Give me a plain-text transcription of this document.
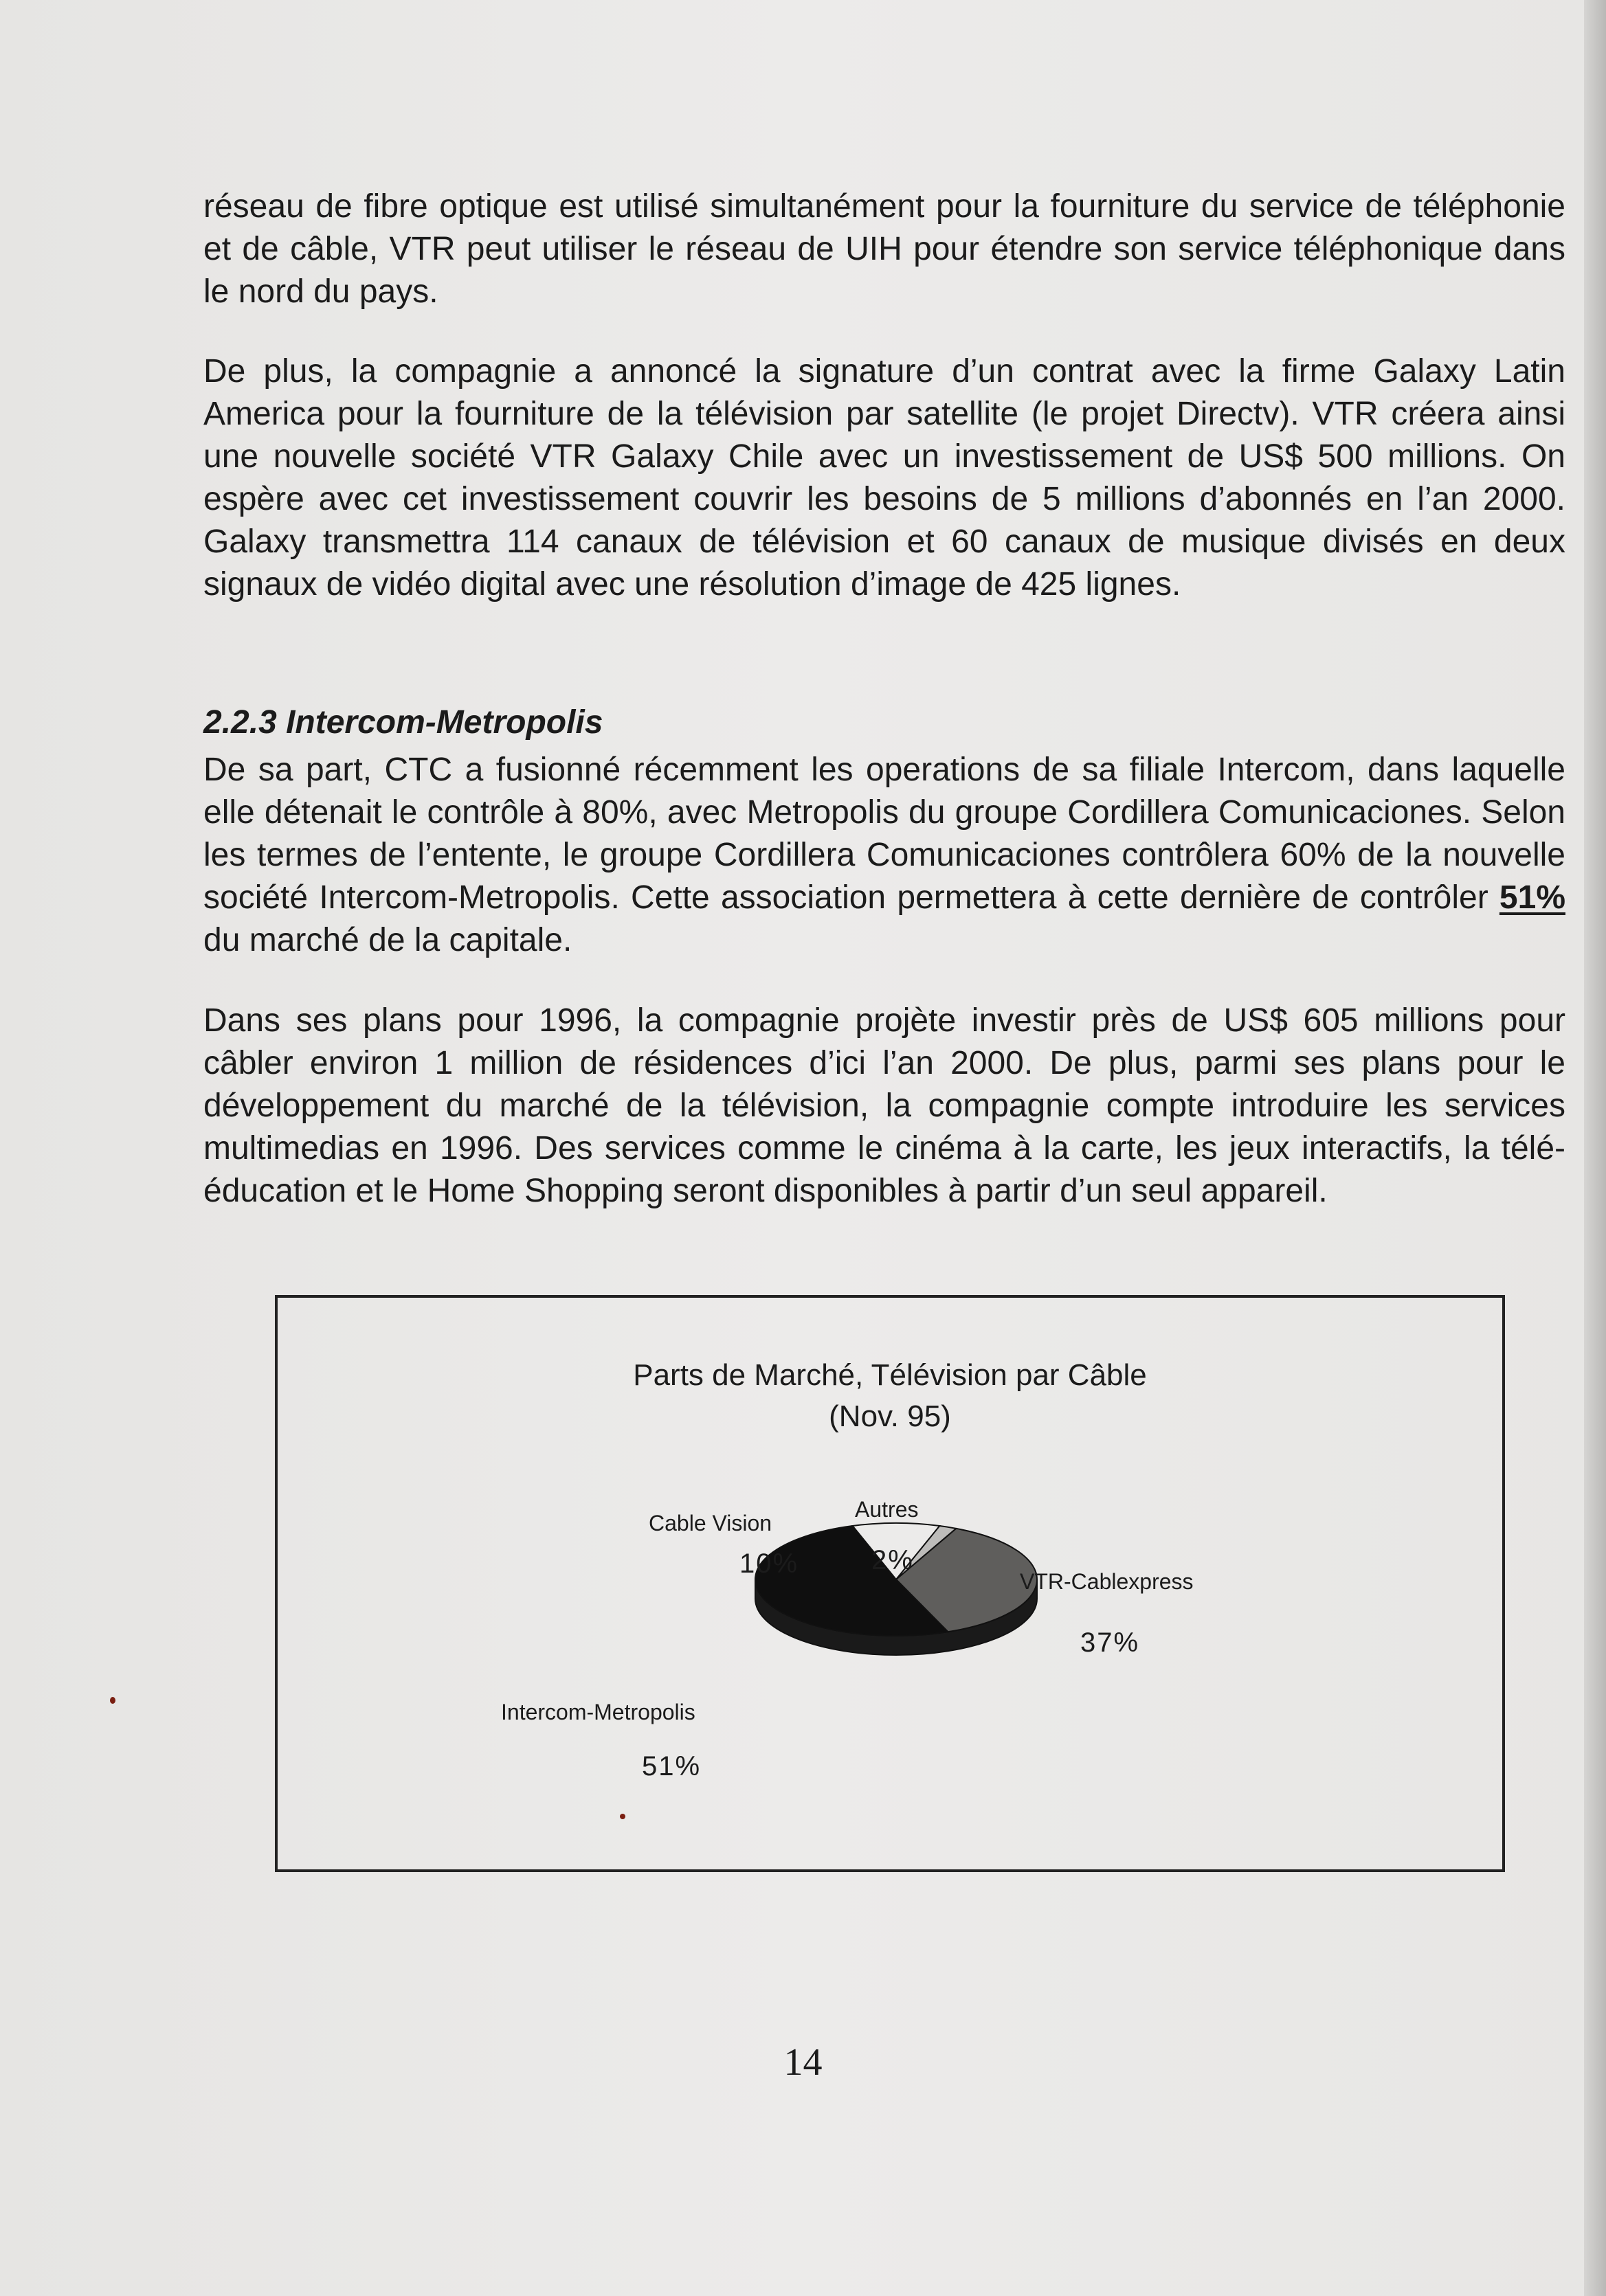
réseau de fibre optique est utilisé simultanément pour la fourniture du service de téléphonie et de câble, VTR peut utiliser le réseau de UIH pour étendre son service téléphonique dans le nord du pays.

De plus, la compagnie a annoncé la signature d’un contrat avec la firme Galaxy Latin America pour la fourniture de la télévision par satellite (le projet Directv). VTR créera ainsi une nouvelle société VTR Galaxy Chile avec un investissement de US$ 500 millions. On espère avec cet investissement couvrir les besoins de 5 millions d’abonnés en l’an 2000. Galaxy transmettra 114 canaux de télévision et 60 canaux de musique divisés en deux signaux de vidéo digital avec une résolution d’image de 425 lignes.

2.2.3 Intercom-Metropolis

De sa part, CTC a fusionné récemment les operations de sa filiale Intercom, dans laquelle elle détenait le contrôle à 80%, avec Metropolis du groupe Cordillera Comunicaciones. Selon les termes de l’entente, le groupe Cordillera Comunicaciones contrôlera 60% de la nouvelle société Intercom-Metropolis. Cette association permettera à cette dernière de contrôler 51% du marché de la capitale.

Dans ses plans pour 1996, la compagnie projète investir près de US$ 605 millions pour câbler environ 1 million de résidences d’ici l’an 2000. De plus, parmi ses plans pour le développement du marché de la télévision, la compagnie compte introduire les services multimedias en 1996. Des services comme le cinéma à la carte, les jeux interactifs, la télé-éducation et le Home Shopping seront disponibles à partir d’un seul appareil.

Parts de Marché, Télévision par Câble
(Nov. 95)
Cable Vision
10%
Autres
2%
VTR-Cablexpress
37%
Intercom-Metropolis
51%
14
